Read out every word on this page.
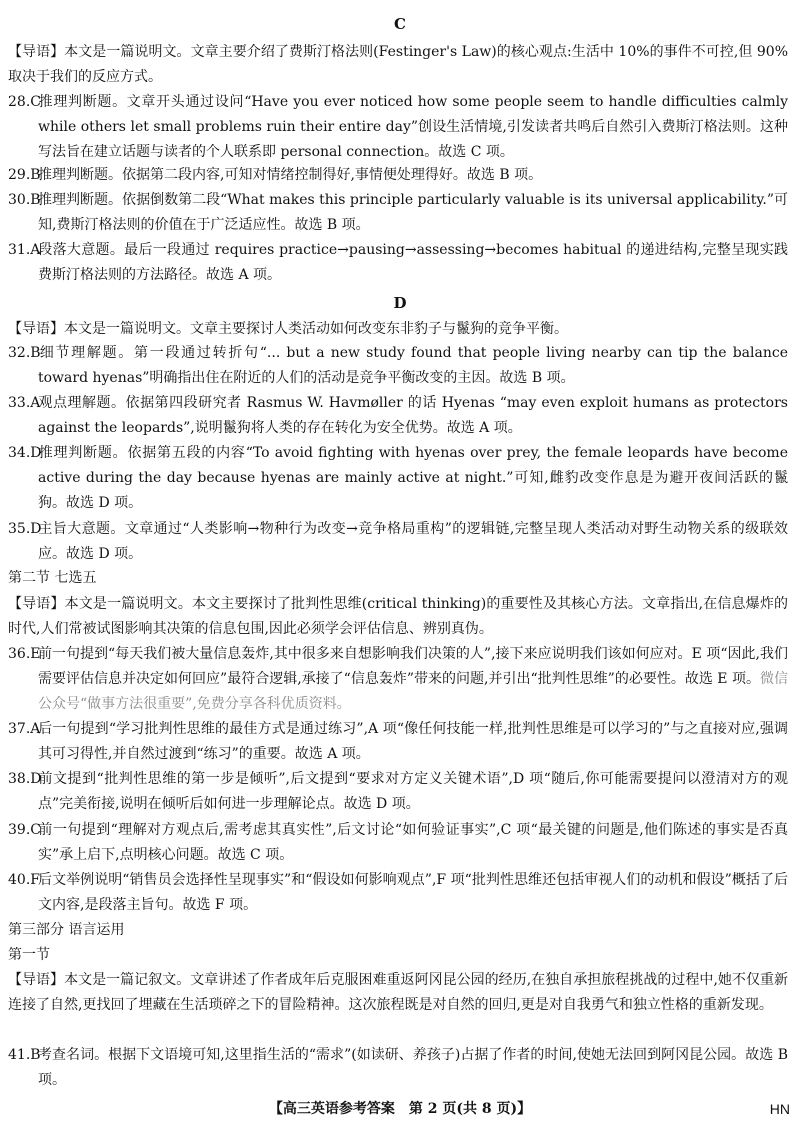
C

【导语】本文是一篇说明文。文章主要介绍了费斯汀格法则(Festinger's Law)的核心观点:生活中 10%的事件不可控,但 90%取决于我们的反应方式。

28.C推理判断题。文章开头通过设问“Have you ever noticed how some people seem to handle difficulties calmly while others let small problems ruin their entire day”创设生活情境,引发读者共鸣后自然引入费斯汀格法则。这种写法旨在建立话题与读者的个人联系即 personal connection。故选 C 项。

29.B推理判断题。依据第二段内容,可知对情绪控制得好,事情便处理得好。故选 B 项。

30.B推理判断题。依据倒数第二段“What makes this principle particularly valuable is its universal applicability.”可知,费斯汀格法则的价值在于广泛适应性。故选 B 项。

31.A段落大意题。最后一段通过 requires practice→pausing→assessing→becomes habitual 的递进结构,完整呈现实践费斯汀格法则的方法路径。故选 A 项。

D

【导语】本文是一篇说明文。文章主要探讨人类活动如何改变东非豹子与鬣狗的竞争平衡。

32.B细节理解题。第一段通过转折句“... but a new study found that people living nearby can tip the balance toward hyenas”明确指出住在附近的人们的活动是竞争平衡改变的主因。故选 B 项。

33.A观点理解题。依据第四段研究者 Rasmus W. Havmøller 的话 Hyenas “may even exploit humans as protectors against the leopards”,说明鬣狗将人类的存在转化为安全优势。故选 A 项。

34.D推理判断题。依据第五段的内容“To avoid fighting with hyenas over prey, the female leopards have become active during the day because hyenas are mainly active at night.”可知,雌豹改变作息是为避开夜间活跃的鬣狗。故选 D 项。

35.D主旨大意题。文章通过“人类影响→物种行为改变→竞争格局重构”的逻辑链,完整呈现人类活动对野生动物关系的级联效应。故选 D 项。

第二节 七选五

【导语】本文是一篇说明文。本文主要探讨了批判性思维(critical thinking)的重要性及其核心方法。文章指出,在信息爆炸的时代,人们常被试图影响其决策的信息包围,因此必须学会评估信息、辨别真伪。

36.E前一句提到“每天我们被大量信息轰炸,其中很多来自想影响我们决策的人”,接下来应说明我们该如何应对。E 项“因此,我们需要评估信息并决定如何回应”最符合逻辑,承接了“信息轰炸”带来的问题,并引出“批判性思维”的必要性。故选 E 项。微信公众号“做事方法很重要”,免费分享各科优质资料。

37.A后一句提到“学习批判性思维的最佳方式是通过练习”,A 项“像任何技能一样,批判性思维是可以学习的”与之直接对应,强调其可习得性,并自然过渡到“练习”的重要。故选 A 项。

38.D前文提到“批判性思维的第一步是倾听”,后文提到“要求对方定义关键术语”,D 项“随后,你可能需要提问以澄清对方的观点”完美衔接,说明在倾听后如何进一步理解论点。故选 D 项。

39.C前一句提到“理解对方观点后,需考虑其真实性”,后文讨论“如何验证事实”,C 项“最关键的问题是,他们陈述的事实是否真实”承上启下,点明核心问题。故选 C 项。

40.F后文举例说明“销售员会选择性呈现事实”和“假设如何影响观点”,F 项“批判性思维还包括审视人们的动机和假设”概括了后文内容,是段落主旨句。故选 F 项。

第三部分 语言运用
第一节

【导语】本文是一篇记叙文。文章讲述了作者成年后克服困难重返阿冈昆公园的经历,在独自承担旅程挑战的过程中,她不仅重新连接了自然,更找回了埋藏在生活琐碎之下的冒险精神。这次旅程既是对自然的回归,更是对自我勇气和独立性格的重新发现。

41.B考查名词。根据下文语境可知,这里指生活的“需求”(如读研、养孩子)占据了作者的时间,使她无法回到阿冈昆公园。故选 B 项。

【高三英语参考答案　第 2 页(共 8 页)】	HN
